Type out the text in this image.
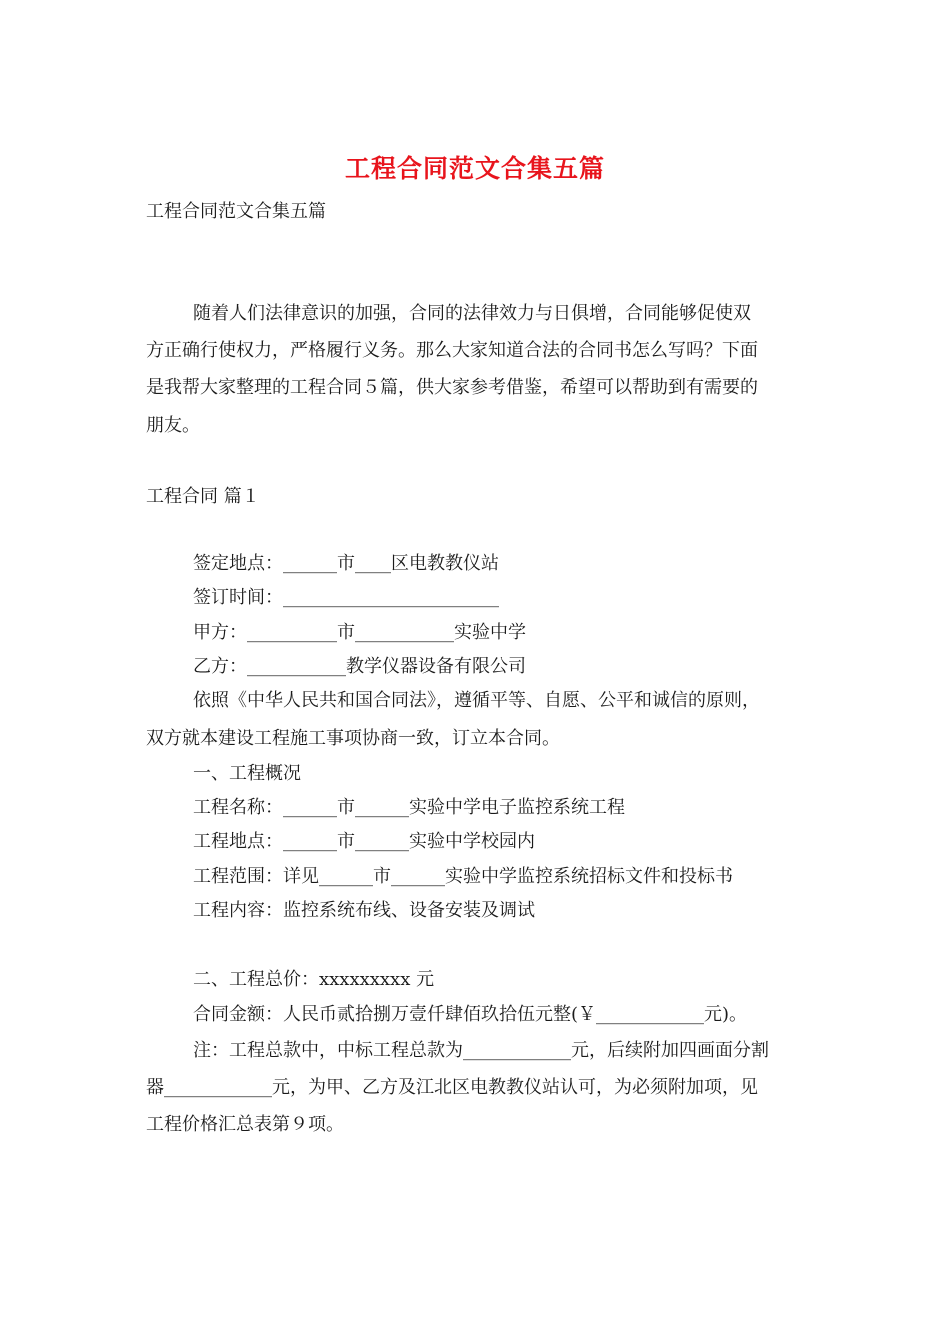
工程合同范文合集五篇
工程合同范文合集五篇
随着人们法律意识的加强，合同的法律效力与日俱增，合同能够促使双
方正确行使权力，严格履行义务。那么大家知道合法的合同书怎么写吗？下面
是我帮大家整理的工程合同５篇，供大家参考借鉴，希望可以帮助到有需要的
朋友。
工程合同 篇１
签定地点：______市____区电教教仪站
签订时间：________________________
甲方：__________市___________实验中学
乙方：___________教学仪器设备有限公司
依照《中华人民共和国合同法》，遵循平等、自愿、公平和诚信的原则，
双方就本建设工程施工事项协商一致，订立本合同。
一、工程概况
工程名称：______市______实验中学电子监控系统工程
工程地点：______市______实验中学校园内
工程范围：详见______市______实验中学监控系统招标文件和投标书
工程内容：监控系统布线、设备安装及调试
二、工程总价：xxxxxxxxx 元
合同金额：人民币贰拾捌万壹仟肆佰玖拾伍元整(￥____________元)。
注：工程总款中，中标工程总款为____________元，后续附加四画面分割
器____________元，为甲、乙方及江北区电教教仪站认可，为必须附加项，见
工程价格汇总表第９项。
